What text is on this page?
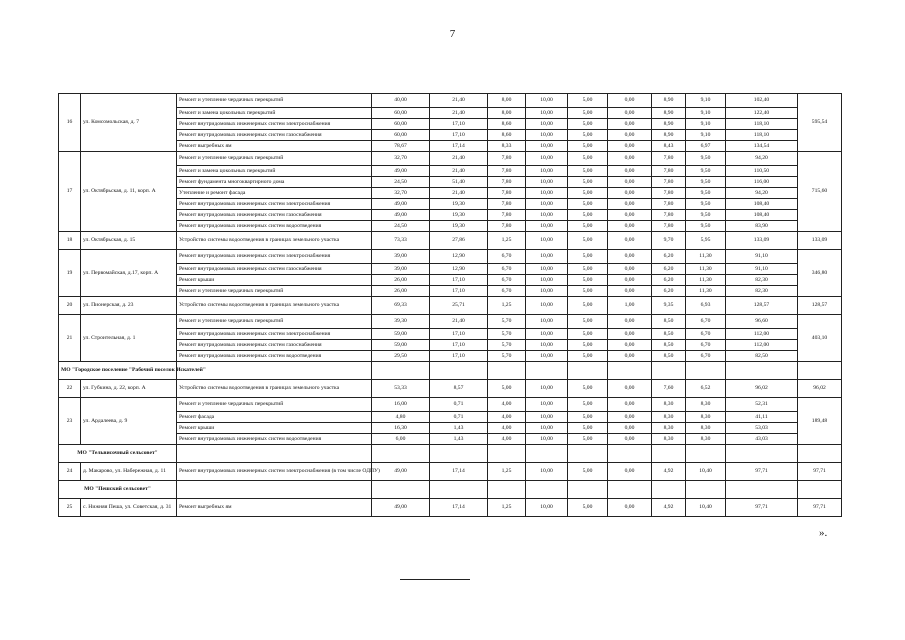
7
16	ул. Комсомольская, д. 7	Ремонт и утепление чердачных перекрытий	40,00	21,40	8,00	10,00	5,00	0,00	8,90	9,10	102,40	595,54
		Ремонт и замена цокольных перекрытий	60,00	21,40	8,00	10,00	5,00	0,00	8,90	9,10	122,40	
		Ремонт внутридомовых инженерных систем электроснабжения	60,00	17,10	8,60	10,00	5,00	0,00	8,90	9,10	118,10	
		Ремонт внутридомовых инженерных систем газоснабжения	60,00	17,10	8,60	10,00	5,00	0,00	8,90	9,10	118,10	
		Ремонт выгребных ям	78,67	17,14	8,33	10,00	5,00	0,00	8,43	6,97	134,54	
17	ул. Октябрьская, д. 11, корп. А	Ремонт и утепление чердачных перекрытий	32,70	21,40	7,80	10,00	5,00	0,00	7,80	9,50	94,20	715,60
		Ремонт и замена цокольных перекрытий	49,00	21,40	7,80	10,00	5,00	0,00	7,80	9,50	110,50	
		Ремонт фундамента многоквартирного дома	24,50	51,40	7,80	10,00	5,00	0,00	7,80	9,50	116,00	
		Утепление и ремонт фасада	32,70	21,40	7,80	10,00	5,00	0,00	7,80	9,50	94,20	
		Ремонт внутридомовых инженерных систем электроснабжения	49,00	19,30	7,80	10,00	5,00	0,00	7,80	9,50	108,40	
		Ремонт внутридомовых инженерных систем газоснабжения	49,00	19,30	7,80	10,00	5,00	0,00	7,80	9,50	108,40	
		Ремонт внутридомовых инженерных систем водоотведения	24,50	19,30	7,80	10,00	5,00	0,00	7,80	9,50	83,90	
18	ул. Октябрьская, д. 15	Устройство системы водоотведения в границах земельного участка	73,33	27,86	1,25	10,00	5,00	0,00	9,70	5,95	133,09	133,09
19	ул. Первомайская, д.17, корп. А	Ремонт внутридомовых инженерных систем электроснабжения	39,00	12,90	6,70	10,00	5,00	0,00	6,20	11,30	91,10	346,80
		Ремонт внутридомовых инженерных систем газоснабжения	39,00	12,90	6,70	10,00	5,00	0,00	6,20	11,30	91,10	
		Ремонт крыши	26,00	17,10	6,70	10,00	5,00	0,00	6,20	11,30	82,30	
		Ремонт и утепление чердачных перекрытий	26,00	17,10	6,70	10,00	5,00	0,00	6,20	11,30	82,30	
20	ул. Пионерская, д. 23	Устройство системы водоотведения в границах земельного участка	69,33	25,71	1,25	10,00	5,00	1,00	9,35	6,93	128,57	128,57
21	ул. Строительная, д. 1	Ремонт и утепление чердачных перекрытий	39,30	21,40	5,70	10,00	5,00	0,00	8,50	6,70	96,60	403,10
		Ремонт внутридомовых инженерных систем электроснабжения	59,00	17,10	5,70	10,00	5,00	0,00	8,50	6,70	112,00	
		Ремонт внутридомовых инженерных систем газоснабжения	59,00	17,10	5,70	10,00	5,00	0,00	8,50	6,70	112,00	
		Ремонт внутридомовых инженерных систем водоотведения	29,50	17,10	5,70	10,00	5,00	0,00	8,50	6,70	82,50	
МО "Городское поселение "Рабочий поселок Искателей"												
22	ул. Губкина, д. 22, корп. А	Устройство системы водоотведения в границах земельного участка	53,33	8,57	5,00	10,00	5,00	0,00	7,60	6,52	96,02	96,02
23	ул. Ардалеева, д. 9	Ремонт и утепление чердачных перекрытий	16,00	0,71	4,00	10,00	5,00	0,00	8,30	8,30	52,31	189,48
		Ремонт фасада	4,80	0,71	4,00	10,00	5,00	0,00	8,30	8,30	41,11	
		Ремонт крыши	16,30	1,43	4,00	10,00	5,00	0,00	8,30	8,30	53,03	
		Ремонт внутридомовых инженерных систем водоотведения	6,00	1,43	4,00	10,00	5,00	0,00	8,30	8,30	43,03	
МО "Тельвисочный сельсовет"												
24	д. Макарово, ул. Набережная, д. 11	Ремонт внутридомовых инженерных систем электроснабжения (в том числе ОДПУ)	49,00	17,14	1,25	10,00	5,00	0,00	4,92	10,40	97,71	97,71
МО "Пешский сельсовет"												
25	с. Нижняя Пеша, ул. Советская, д. 31	Ремонт выгребных ям	49,00	17,14	1,25	10,00	5,00	0,00	4,92	10,40	97,71	97,71
».
